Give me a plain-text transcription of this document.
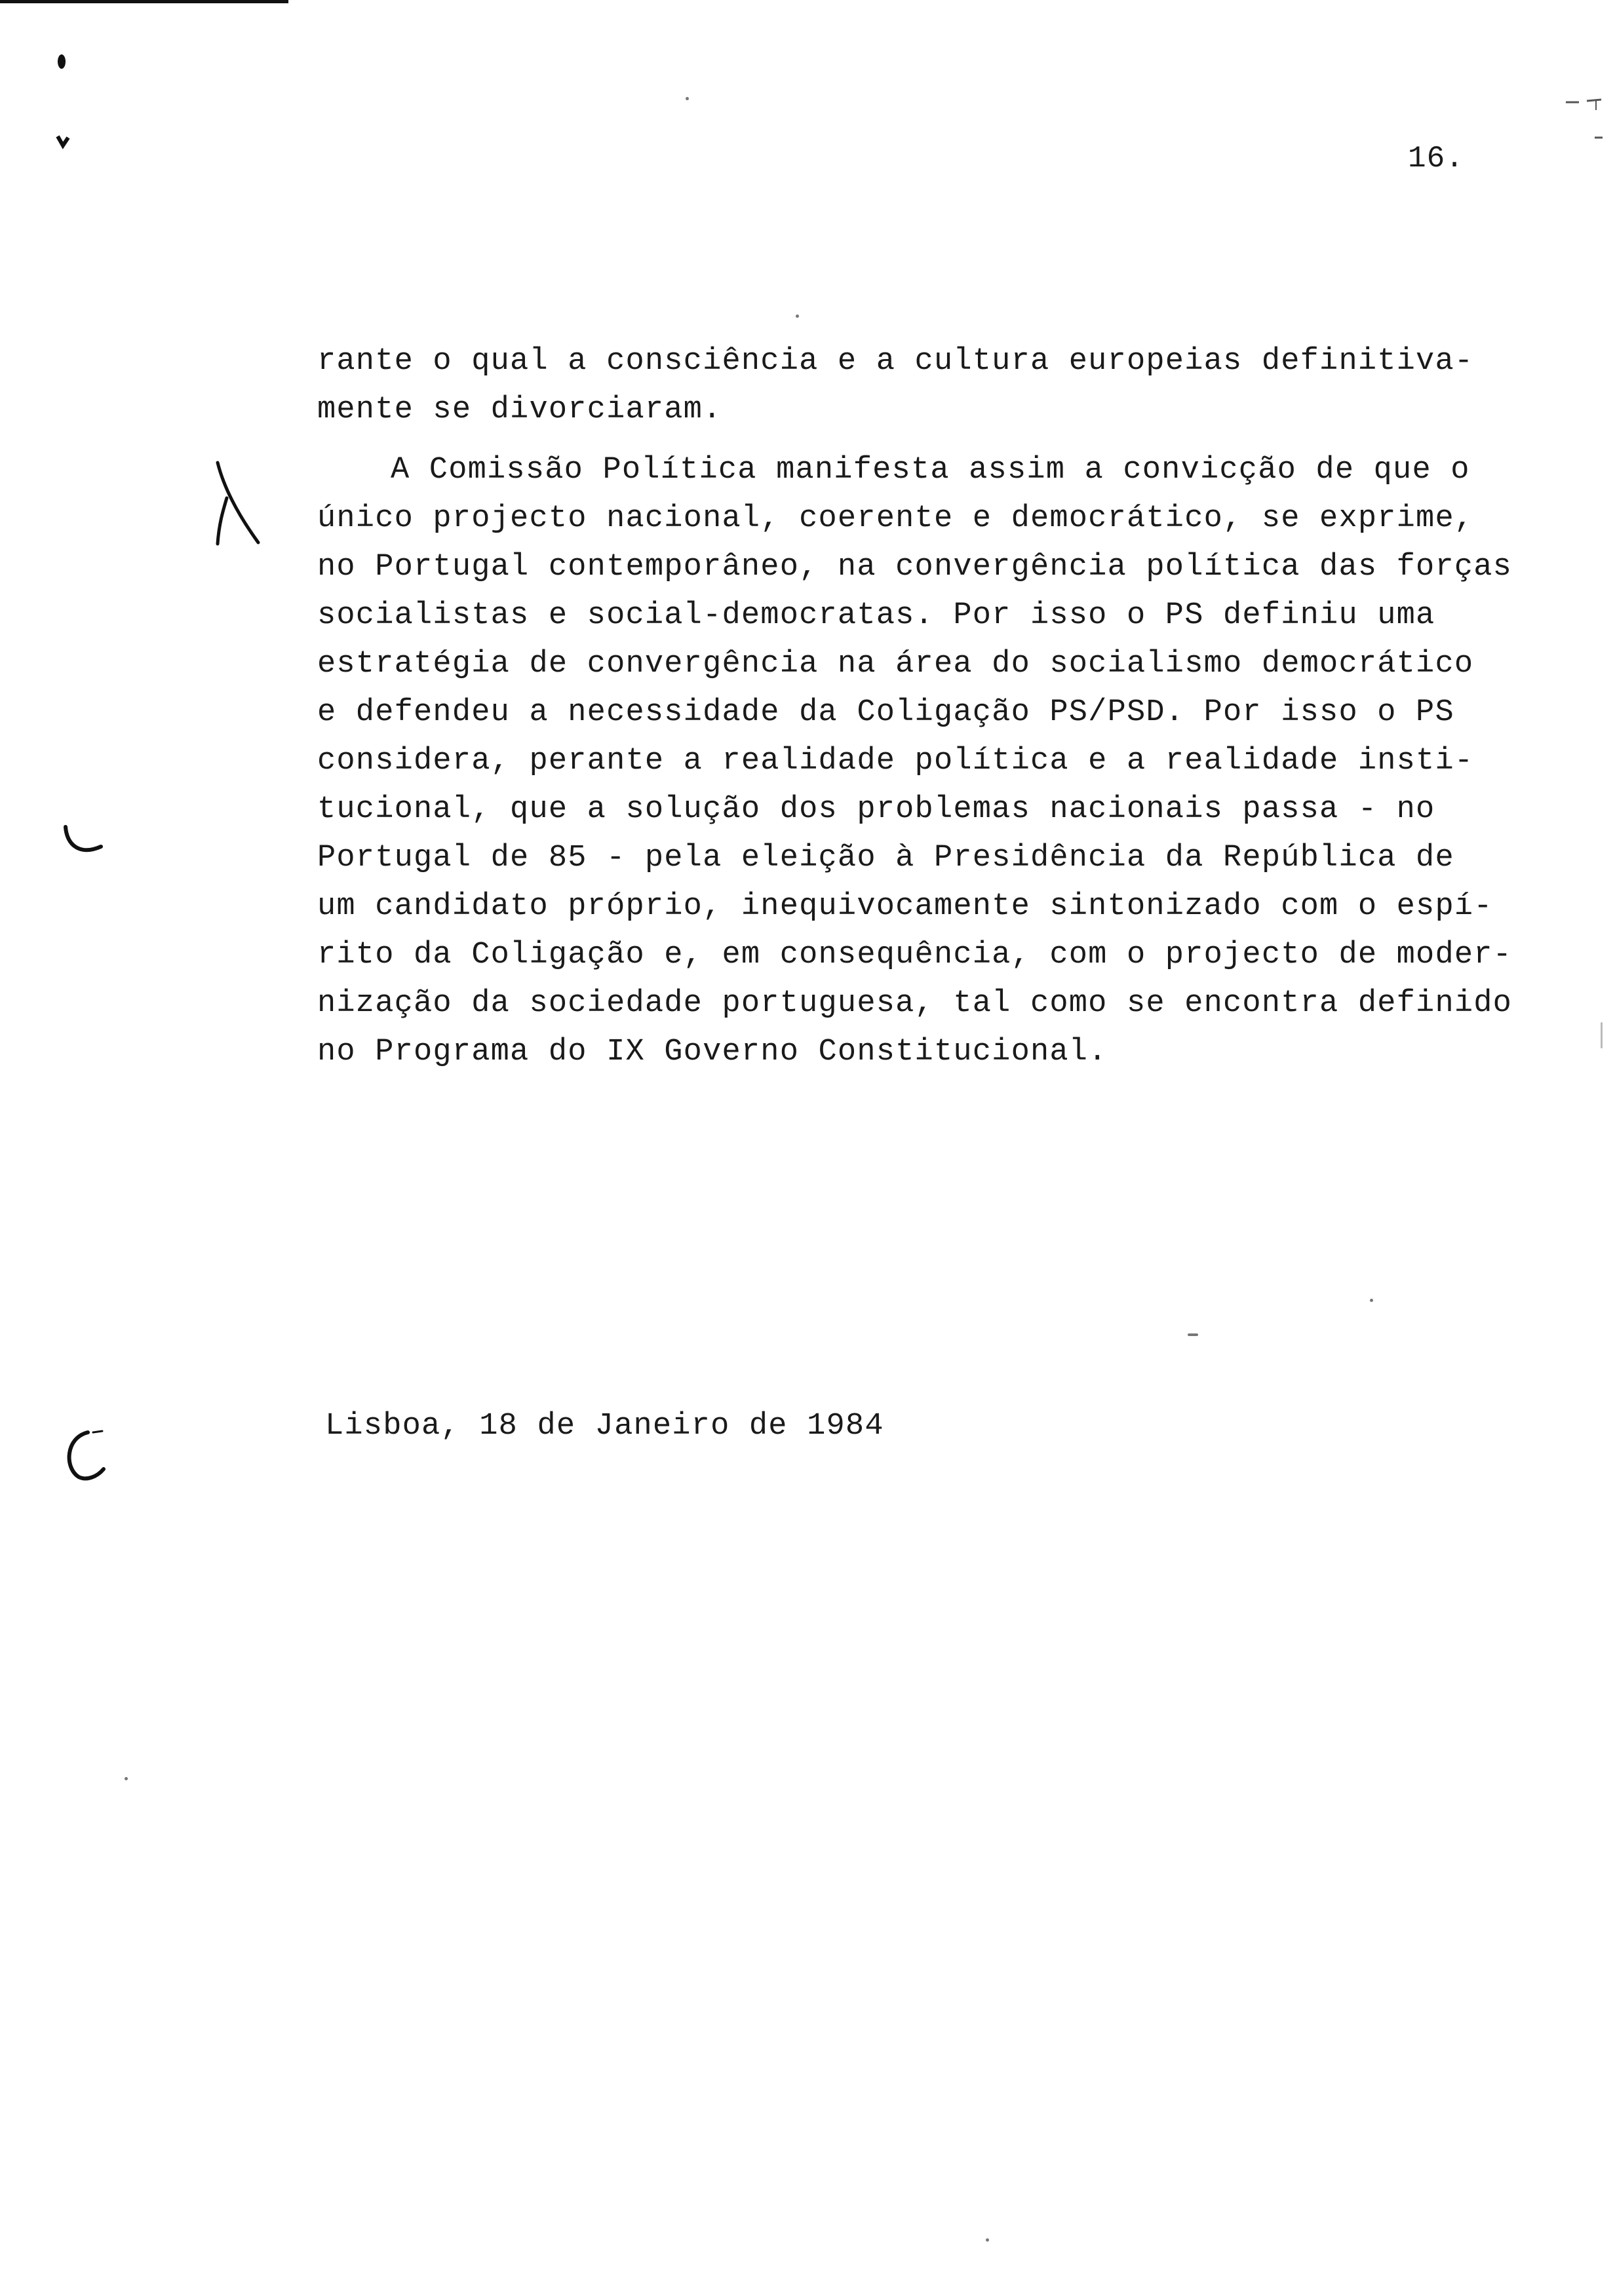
16.
rante o qual a consciência e a cultura europeias definitiva-
mente se divorciaram.
A Comissão Política manifesta assim a convicção de que o
único projecto nacional, coerente e democrático, se exprime,
no Portugal contemporâneo, na convergência política das forças
socialistas e social-democratas. Por isso o PS definiu uma
estratégia de convergência na área do socialismo democrático
e defendeu a necessidade da Coligação PS/PSD. Por isso o PS
considera, perante a realidade política e a realidade insti-
tucional, que a solução dos problemas nacionais passa - no
Portugal de 85 - pela eleição à Presidência da República de
um candidato próprio, inequivocamente sintonizado com o espí-
rito da Coligação e, em consequência, com o projecto de moder-
nização da sociedade portuguesa, tal como se encontra definido
no Programa do IX Governo Constitucional.
Lisboa, 18 de Janeiro de 1984
